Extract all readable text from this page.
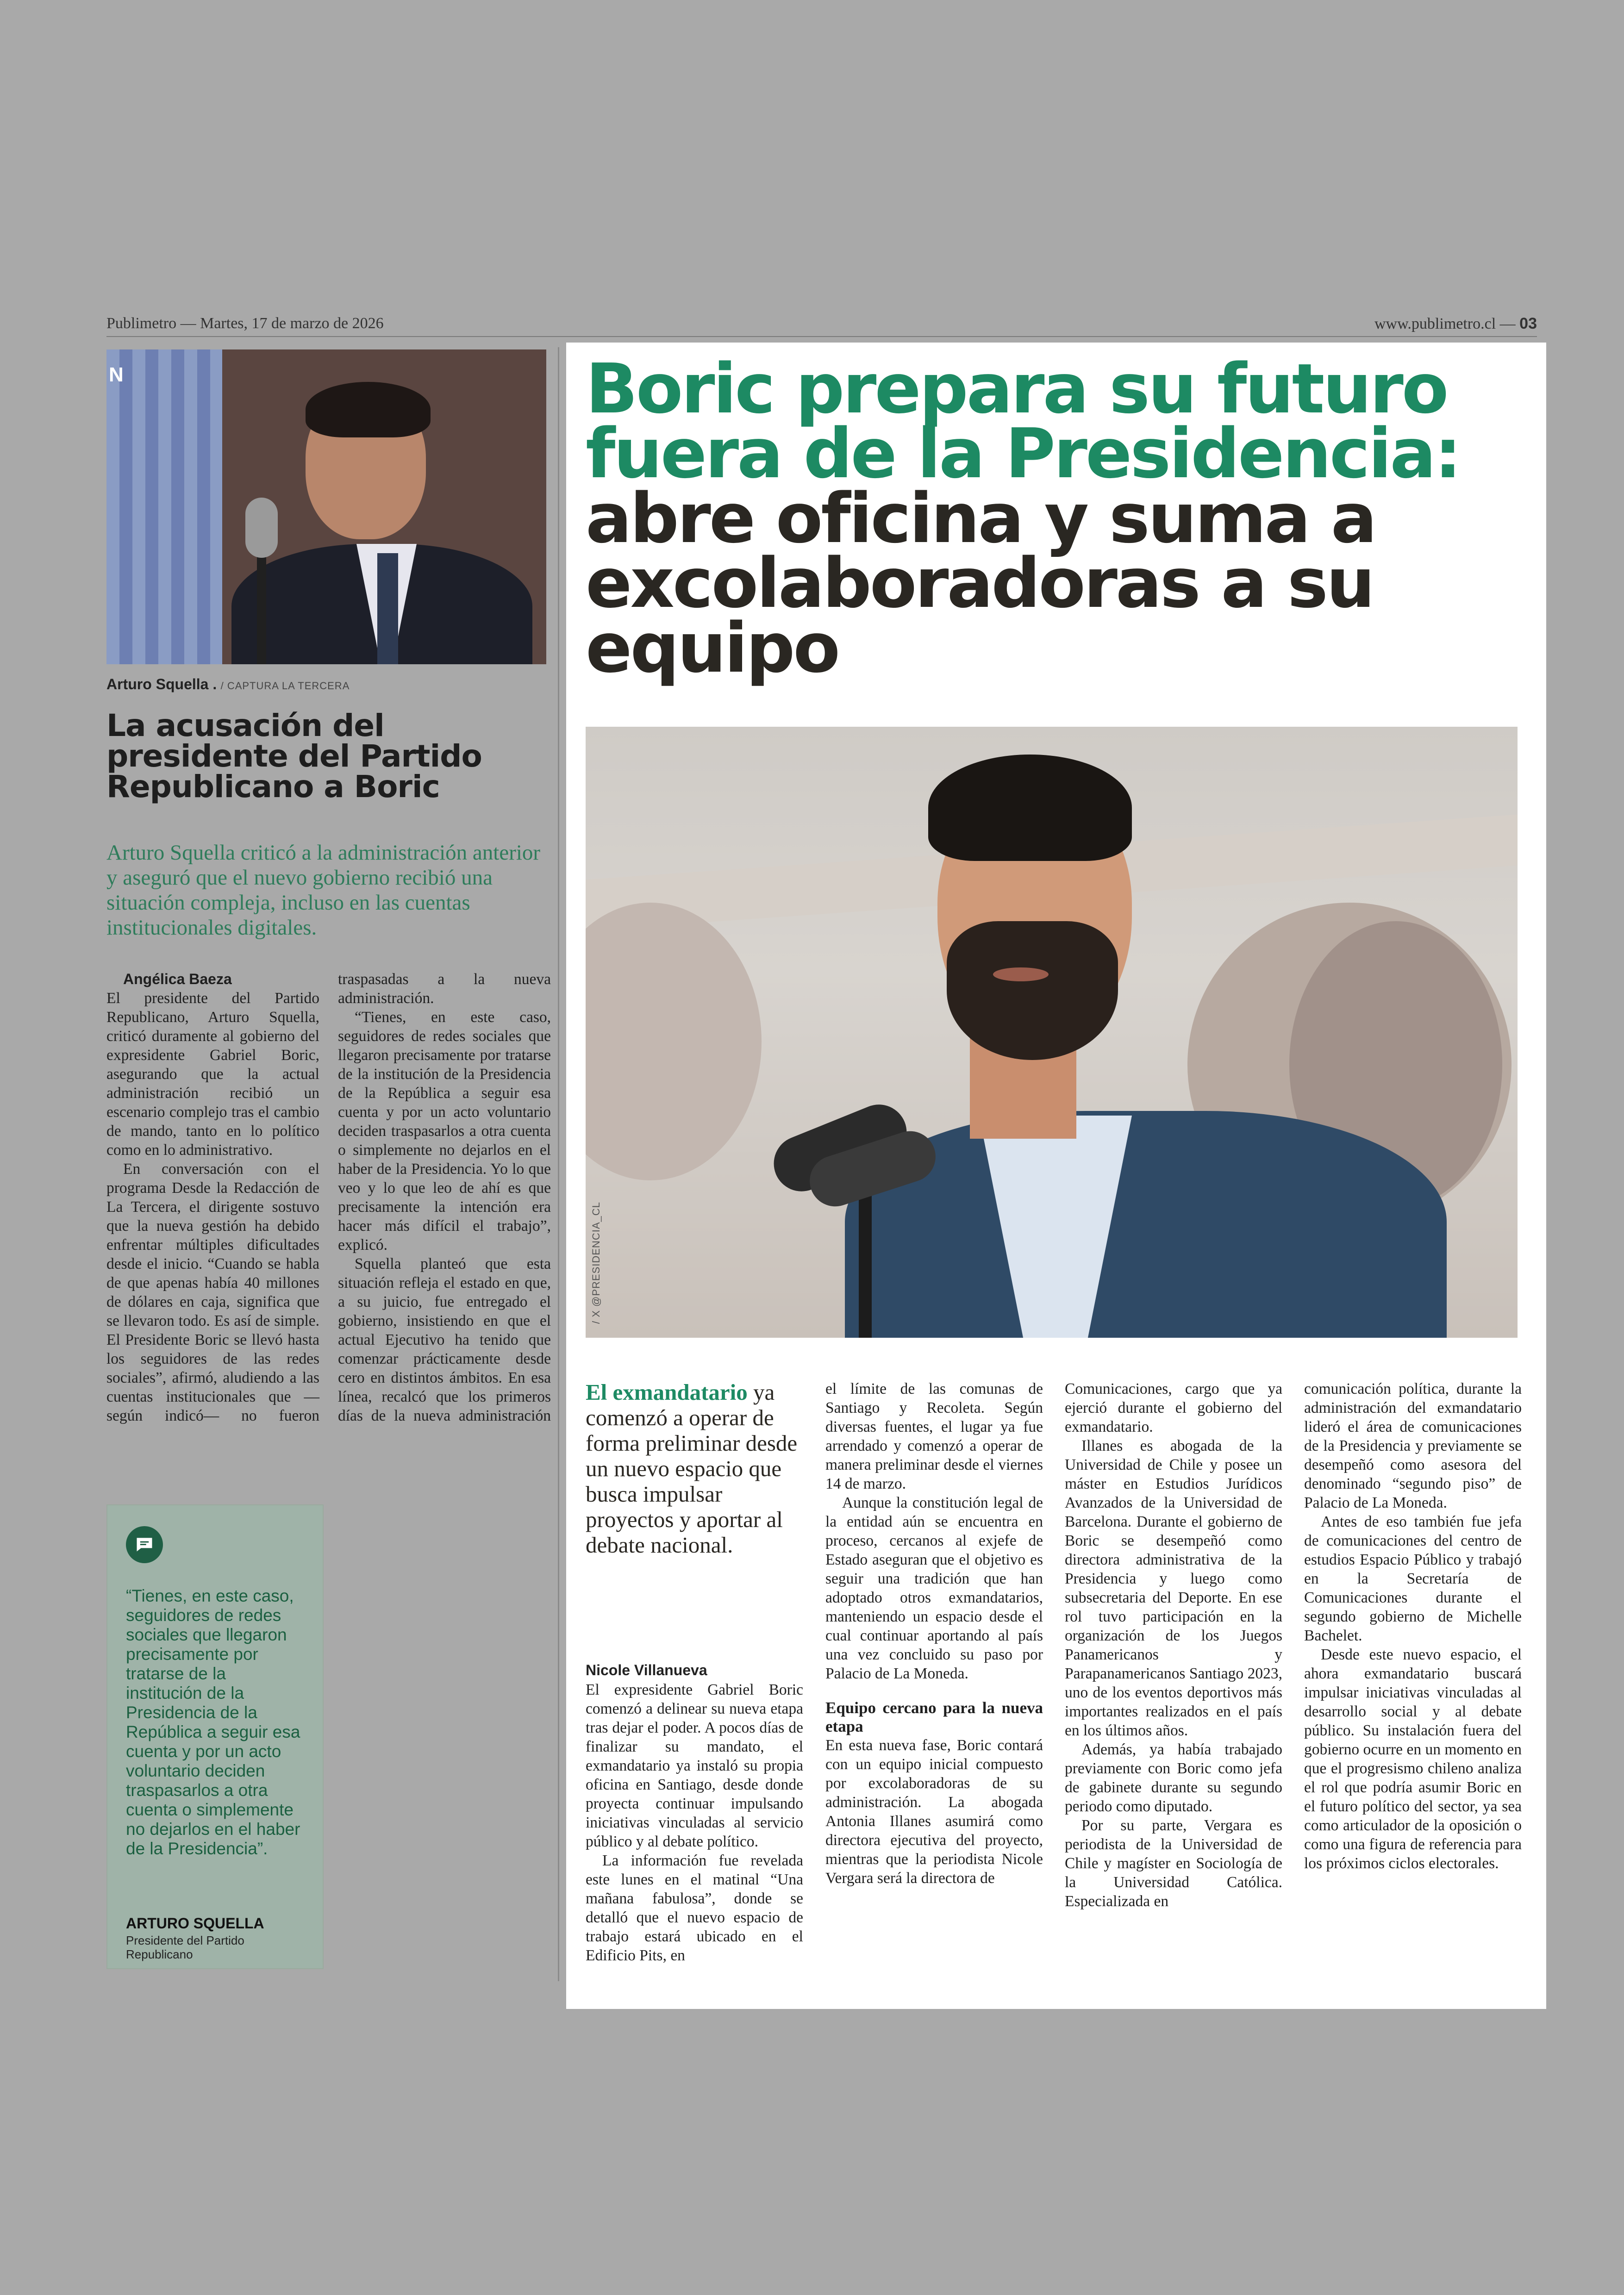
Publimetro — Martes, 17 de marzo de 2026	www.publimetro.cl — 03
N
Arturo Squella . / CAPTURA LA TERCERA
La acusación del presidente del Partido Republicano a Boric
Arturo Squella criticó a la administración anterior y aseguró que el nuevo gobierno recibió una situación compleja, incluso en las cuentas institucionales digitales.

Angélica Baeza

El presidente del Partido Republicano, Arturo Squella, criticó duramente al gobierno del expresidente Gabriel Boric, asegurando que la actual administración recibió un escenario complejo tras el cambio de mando, tanto en lo político como en lo administrativo.

En conversación con el programa Desde la Redacción de La Tercera, el dirigente sostuvo que la nueva gestión ha debido enfrentar múltiples dificultades desde el inicio. “Cuando se habla de que apenas había 40 millones de dólares en caja, significa que se llevaron todo. Es así de simple. El Presidente Boric se llevó hasta los seguidores de las redes sociales”, afirmó, aludiendo a las cuentas institucionales que —según indicó— no fueron traspasadas a la nueva administración.

“Tienes, en este caso, seguidores de redes sociales que llegaron precisamente por tratarse de la institución de la Presidencia de la República a seguir esa cuenta y por un acto voluntario deciden traspasarlos a otra cuenta o simplemente no dejarlos en el haber de la Presidencia. Yo lo que veo y lo que leo de ahí es que precisamente la intención era hacer más difícil el trabajo”, explicó.

Squella planteó que esta situación refleja el estado en que, a su juicio, fue entregado el gobierno, insistiendo en que el actual Ejecutivo ha tenido que comenzar prácticamente desde cero en distintos ámbitos. En esa línea, recalcó que los primeros días de la nueva administración

“Tienes, en este caso, seguidores de redes sociales que llegaron precisamente por tratarse de la institución de la Presidencia de la República a seguir esa cuenta y por un acto voluntario deciden traspasarlos a otra cuenta o simplemente no dejarlos en el haber de la Presidencia”.
ARTURO SQUELLA
Presidente del Partido Republicano
Boric prepara su futuro fuera de la Presidencia:
abre oficina y suma a excolaboradoras a su equipo
/ X @PRESIDENCIA_CL
El exmandatario ya comenzó a operar de forma preliminar desde un nuevo espacio que busca impulsar proyectos y aportar al debate nacional.
Nicole Villanueva

El expresidente Gabriel Boric comenzó a delinear su nueva etapa tras dejar el poder. A pocos días de finalizar su mandato, el exmandatario ya instaló su propia oficina en Santiago, desde donde proyecta continuar impulsando iniciativas vinculadas al servicio público y al debate político.

La información fue revelada este lunes en el matinal “Una mañana fabulosa”, donde se detalló que el nuevo espacio de trabajo estará ubicado en el Edificio Pits, en

el límite de las comunas de Santiago y Recoleta. Según diversas fuentes, el lugar ya fue arrendado y comenzó a operar de manera preliminar desde el viernes 14 de marzo.

Aunque la constitución legal de la entidad aún se encuentra en proceso, cercanos al exjefe de Estado aseguran que el objetivo es seguir una tradición que han adoptado otros exmandatarios, manteniendo un espacio desde el cual continuar aportando al país una vez concluido su paso por Palacio de La Moneda.

Equipo cercano para la nueva etapa

En esta nueva fase, Boric contará con un equipo inicial compuesto por excolaboradoras de su administración. La abogada Antonia Illanes asumirá como directora ejecutiva del proyecto, mientras que la periodista Nicole Vergara será la directora de

Comunicaciones, cargo que ya ejerció durante el gobierno del exmandatario.

Illanes es abogada de la Universidad de Chile y posee un máster en Estudios Jurídicos Avanzados de la Universidad de Barcelona. Durante el gobierno de Boric se desempeñó como directora administrativa de la Presidencia y luego como subsecretaria del Deporte. En ese rol tuvo participación en la organización de los Juegos Panamericanos y Parapanamericanos Santiago 2023, uno de los eventos deportivos más importantes realizados en el país en los últimos años.

Además, ya había trabajado previamente con Boric como jefa de gabinete durante su segundo periodo como diputado.

Por su parte, Vergara es periodista de la Universidad de Chile y magíster en Sociología de la Universidad Católica. Especializada en

comunicación política, durante la administración del exmandatario lideró el área de comunicaciones de la Presidencia y previamente se desempeñó como asesora del denominado “segundo piso” de Palacio de La Moneda.

Antes de eso también fue jefa de comunicaciones del centro de estudios Espacio Público y trabajó en la Secretaría de Comunicaciones durante el segundo gobierno de Michelle Bachelet.

Desde este nuevo espacio, el ahora exmandatario buscará impulsar iniciativas vinculadas al desarrollo social y al debate público. Su instalación fuera del gobierno ocurre en un momento en que el progresismo chileno analiza el rol que podría asumir Boric en el futuro político del sector, ya sea como articulador de la oposición o como una figura de referencia para los próximos ciclos electorales.
